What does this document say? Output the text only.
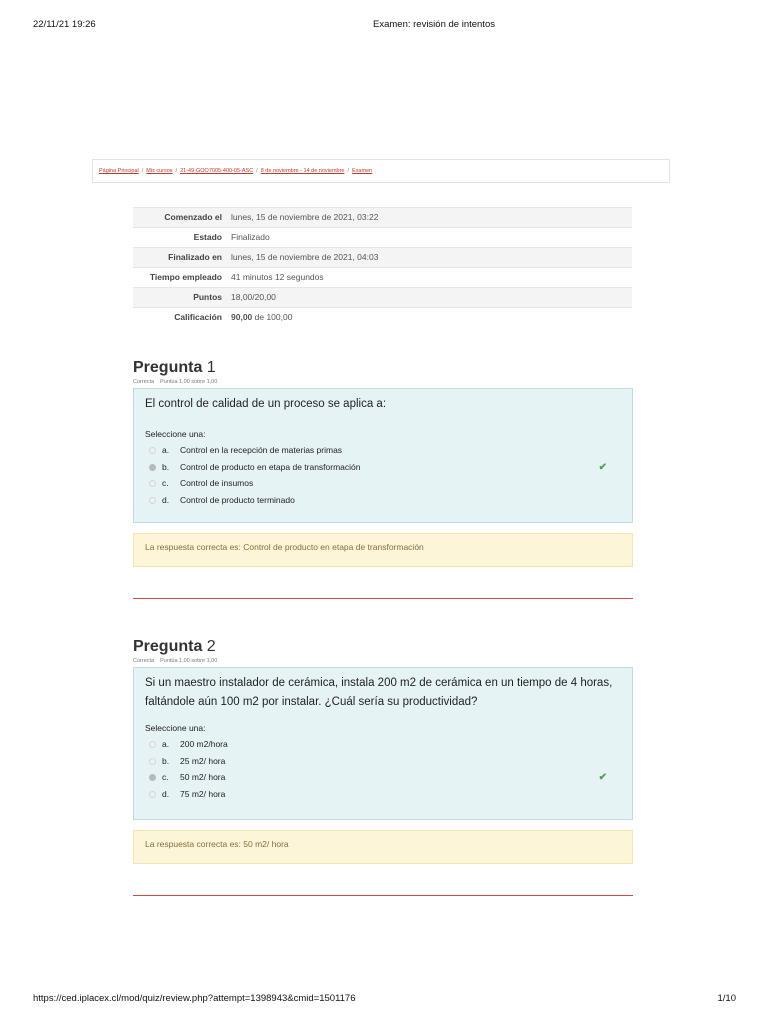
22/11/21 19:26	Examen: revisión de intentos
Página Principal / Mis cursos / 21-49-GOO7005-400-05-ASC / 8 de noviembre - 14 de noviembre / Examen
Comenzado el	lunes, 15 de noviembre de 2021, 03:22
Estado	Finalizado
Finalizado en	lunes, 15 de noviembre de 2021, 04:03
Tiempo empleado	41 minutos 12 segundos
Puntos	18,00/20,00
Calificación	90,00 de 100,00
Pregunta 1
Correcta Puntúa 1,00 sobre 1,00
El control de calidad de un proceso se aplica a:
Seleccione una:
a. Control en la recepción de materias primas
b. Control de producto en etapa de transformación	✔
c. Control de insumos
d. Control de producto terminado
La respuesta correcta es: Control de producto en etapa de transformación
Pregunta 2
Correcta Puntúa 1,00 sobre 1,00
Si un maestro instalador de cerámica, instala 200 m2 de cerámica en un tiempo de 4 horas, faltándole aún 100 m2 por instalar. ¿Cuál sería su productividad?
Seleccione una:
a. 200 m2/hora
b. 25 m2/ hora
c. 50 m2/ hora	✔
d. 75 m2/ hora
La respuesta correcta es: 50 m2/ hora
https://ced.iplacex.cl/mod/quiz/review.php?attempt=1398943&cmid=1501176	1/10
